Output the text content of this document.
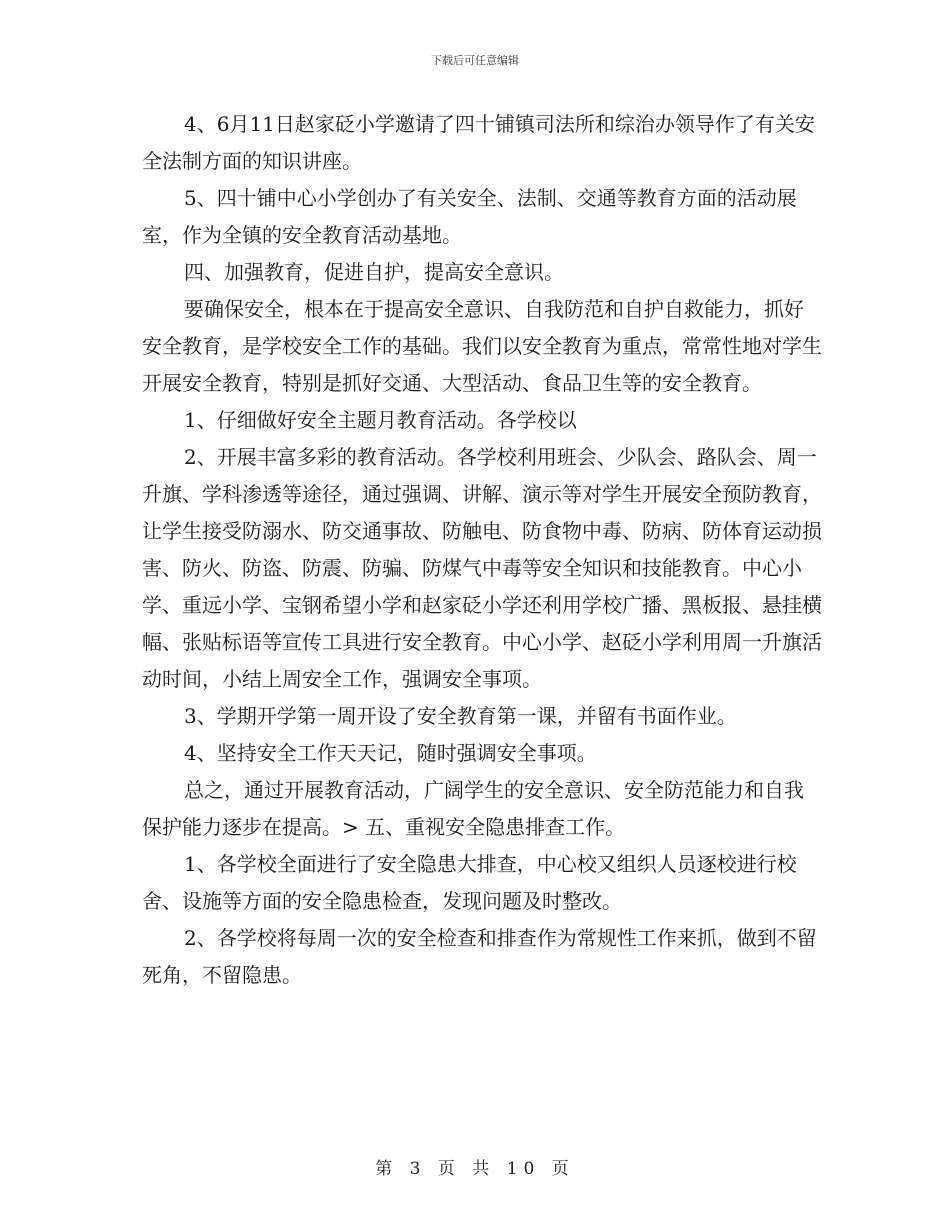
下载后可任意编辑

4、6月11日赵家砭小学邀请了四十铺镇司法所和综治办领导作了有关安全法制方面的知识讲座。

5、四十铺中心小学创办了有关安全、法制、交通等教育方面的活动展室，作为全镇的安全教育活动基地。

四、加强教育，促进自护，提高安全意识。

要确保安全，根本在于提高安全意识、自我防范和自护自救能力，抓好安全教育，是学校安全工作的基础。我们以安全教育为重点，常常性地对学生开展安全教育，特别是抓好交通、大型活动、食品卫生等的安全教育。

1、仔细做好安全主题月教育活动。各学校以

2、开展丰富多彩的教育活动。各学校利用班会、少队会、路队会、周一升旗、学科渗透等途径，通过强调、讲解、演示等对学生开展安全预防教育，让学生接受防溺水、防交通事故、防触电、防食物中毒、防病、防体育运动损害、防火、防盗、防震、防骗、防煤气中毒等安全知识和技能教育。中心小学、重远小学、宝钢希望小学和赵家砭小学还利用学校广播、黑板报、悬挂横幅、张贴标语等宣传工具进行安全教育。中心小学、赵砭小学利用周一升旗活动时间，小结上周安全工作，强调安全事项。

3、学期开学第一周开设了安全教育第一课，并留有书面作业。

4、坚持安全工作天天记，随时强调安全事项。

总之，通过开展教育活动，广阔学生的安全意识、安全防范能力和自我保护能力逐步在提高。> 五、重视安全隐患排查工作。

1、各学校全面进行了安全隐患大排查，中心校又组织人员逐校进行校舍、设施等方面的安全隐患检查，发现问题及时整改。

2、各学校将每周一次的安全检查和排查作为常规性工作来抓，做到不留死角，不留隐患。

第 3 页 共 10 页
